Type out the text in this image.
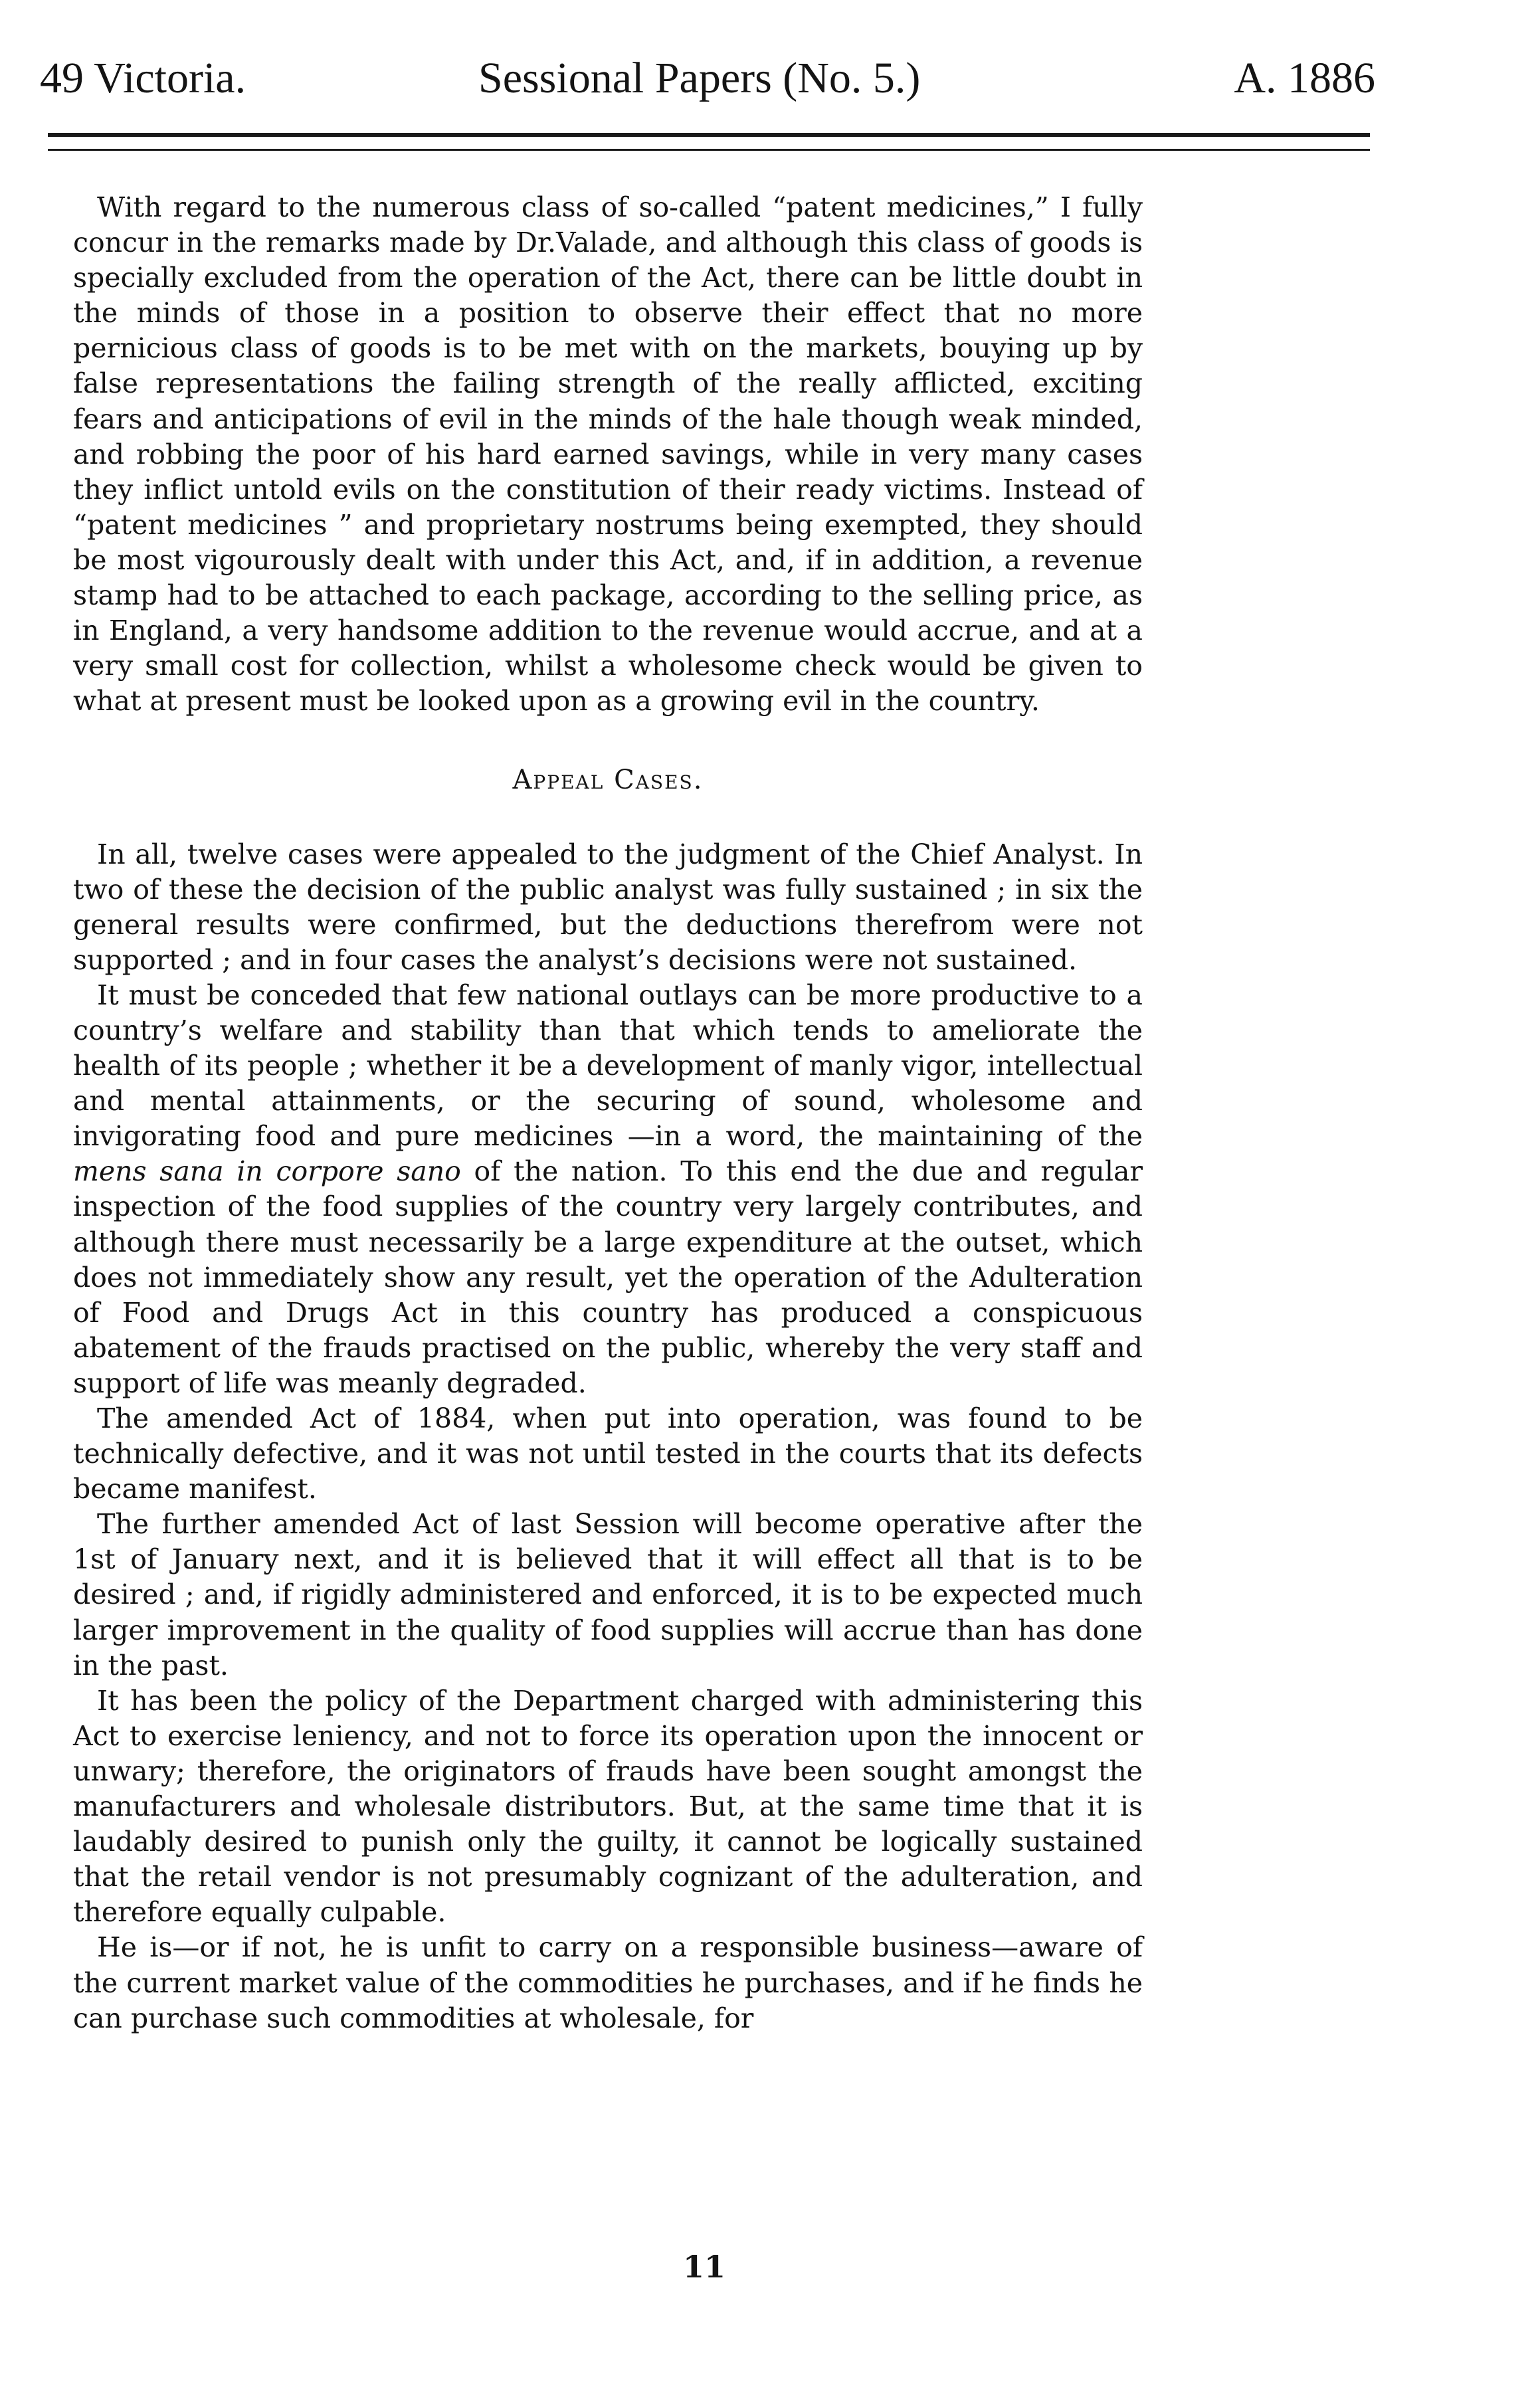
49 Victoria.	Sessional Papers (No. 5.)	A. 1886

With regard to the numerous class of so-called “patent medicines,” I fully concur in the remarks made by Dr.Valade, and although this class of goods is specially excluded from the operation of the Act, there can be little doubt in the minds of those in a position to observe their effect that no more pernicious class of goods is to be met with on the markets, bouying up by false representations the failing strength of the really afflicted, exciting fears and anticipations of evil in the minds of the hale though weak minded, and robbing the poor of his hard earned savings, while in very many cases they inflict untold evils on the constitution of their ready victims. Instead of “patent medicines ” and proprietary nostrums being exempted, they should be most vigourously dealt with under this Act, and, if in addition, a revenue stamp had to be attached to each package, according to the selling price, as in England, a very handsome addition to the revenue would accrue, and at a very small cost for collection, whilst a wholesome check would be given to what at present must be looked upon as a growing evil in the country.

Appeal Cases.

In all, twelve cases were appealed to the judgment of the Chief Analyst. In two of these the decision of the public analyst was fully sustained ; in six the general results were confirmed, but the deductions therefrom were not supported ; and in four cases the analyst’s decisions were not sustained.

It must be conceded that few national outlays can be more productive to a country’s welfare and stability than that which tends to ameliorate the health of its people ; whether it be a development of manly vigor, intellectual and mental attainments, or the securing of sound, wholesome and invigorating food and pure medicines —in a word, the maintaining of the mens sana in corpore sano of the nation. To this end the due and regular inspection of the food supplies of the country very largely contributes, and although there must necessarily be a large expenditure at the outset, which does not immediately show any result, yet the operation of the Adulteration of Food and Drugs Act in this country has produced a conspicuous abatement of the frauds practised on the public, whereby the very staff and support of life was meanly degraded.

The amended Act of 1884, when put into operation, was found to be technically defective, and it was not until tested in the courts that its defects became manifest.

The further amended Act of last Session will become operative after the 1st of January next, and it is believed that it will effect all that is to be desired ; and, if rigidly administered and enforced, it is to be expected much larger improvement in the quality of food supplies will accrue than has done in the past.

It has been the policy of the Department charged with administering this Act to exercise leniency, and not to force its operation upon the innocent or unwary; therefore, the originators of frauds have been sought amongst the manufacturers and wholesale distributors. But, at the same time that it is laudably desired to punish only the guilty, it cannot be logically sustained that the retail vendor is not presumably cognizant of the adulteration, and therefore equally culpable.

He is—or if not, he is unfit to carry on a responsible business—aware of the current market value of the commodities he purchases, and if he finds he can purchase such commodities at wholesale, for

11
